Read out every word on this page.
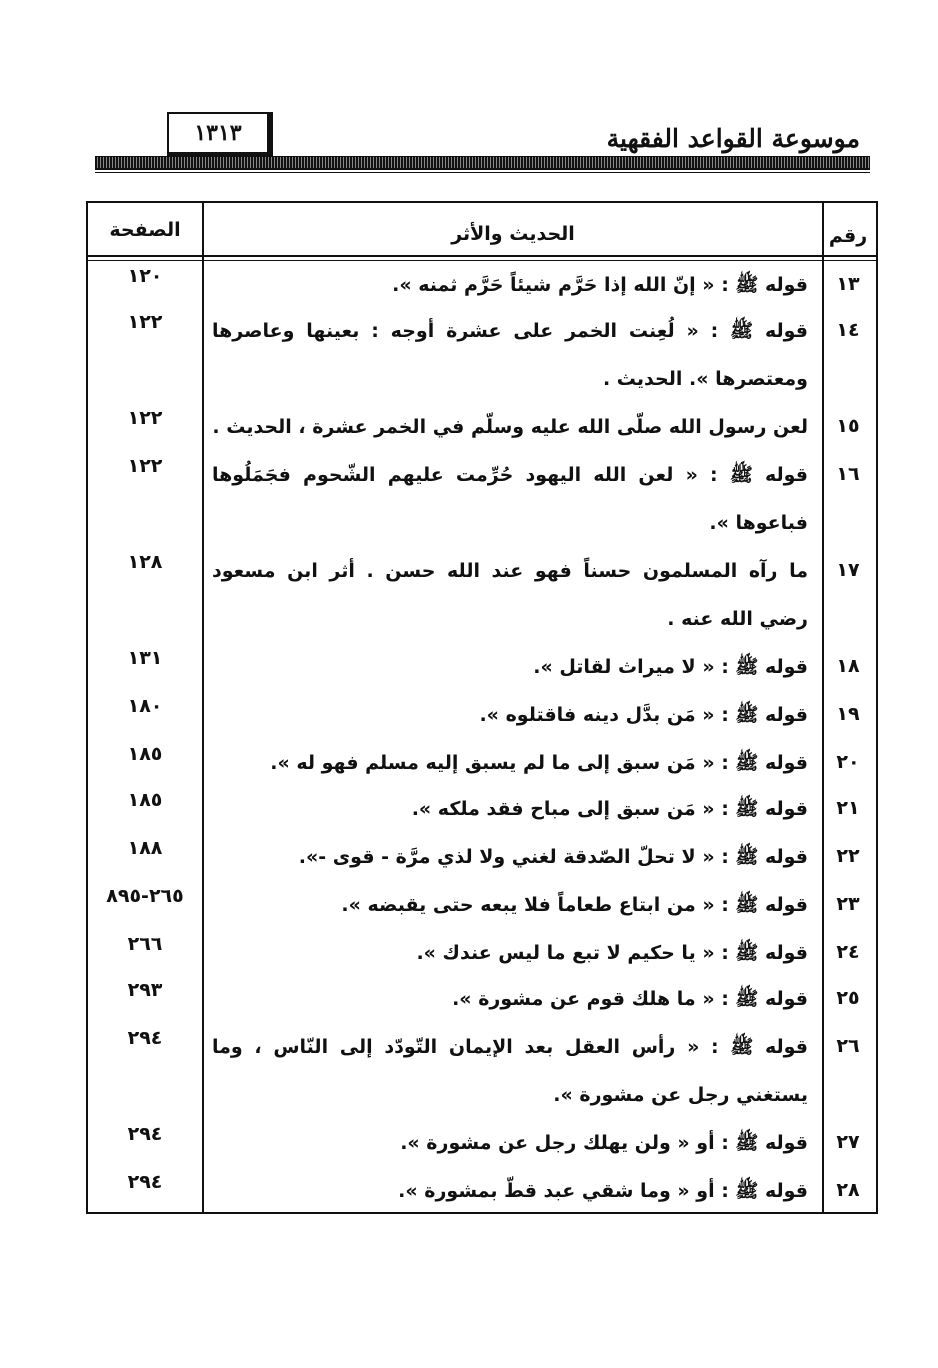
موسوعة القواعد الفقهية
١٣١٣
رقم
الحديث والأثر
الصفحة
١٣
قوله ﷺ : « إنّ الله إذا حَرَّم شيئاً حَرَّم ثمنه ».
١٢٠
١٤
قوله ﷺ : « لُعِنت الخمر على عشرة أوجه : بعينها وعاصرها ومعتصرها ». الحديث .
١٢٢
١٥
لعن رسول الله صلّى الله عليه وسلّم في الخمر عشرة ، الحديث .
١٢٢
١٦
قوله ﷺ : « لعن الله اليهود حُرِّمت عليهم الشّحوم فجَمَلُوها فباعوها ».
١٢٢
١٧
ما رآه المسلمون حسناً فهو عند الله حسن . أثر ابن مسعود رضي الله عنه .
١٢٨
١٨
قوله ﷺ : « لا ميراث لقاتل ».
١٣١
١٩
قوله ﷺ : « مَن بدَّل دينه فاقتلوه ».
١٨٠
٢٠
قوله ﷺ : « مَن سبق إلى ما لم يسبق إليه مسلم فهو له ».
١٨٥
٢١
قوله ﷺ : « مَن سبق إلى مباح فقد ملكه ».
١٨٥
٢٢
قوله ﷺ : « لا تحلّ الصّدقة لغني ولا لذي مرَّة - قوى -».
١٨٨
٢٣
قوله ﷺ : « من ابتاع طعاماً فلا يبعه حتى يقبضه ».
٢٦٥-٨٩٥
٢٤
قوله ﷺ : « يا حكيم لا تبع ما ليس عندك ».
٢٦٦
٢٥
قوله ﷺ : « ما هلك قوم عن مشورة ».
٢٩٣
٢٦
قوله ﷺ : « رأس العقل بعد الإيمان التّودّد إلى النّاس ، وما يستغني رجل عن مشورة ».
٢٩٤
٢٧
قوله ﷺ : أو « ولن يهلك رجل عن مشورة ».
٢٩٤
٢٨
قوله ﷺ : أو « وما شقي عبد قطّ بمشورة ».
٢٩٤
